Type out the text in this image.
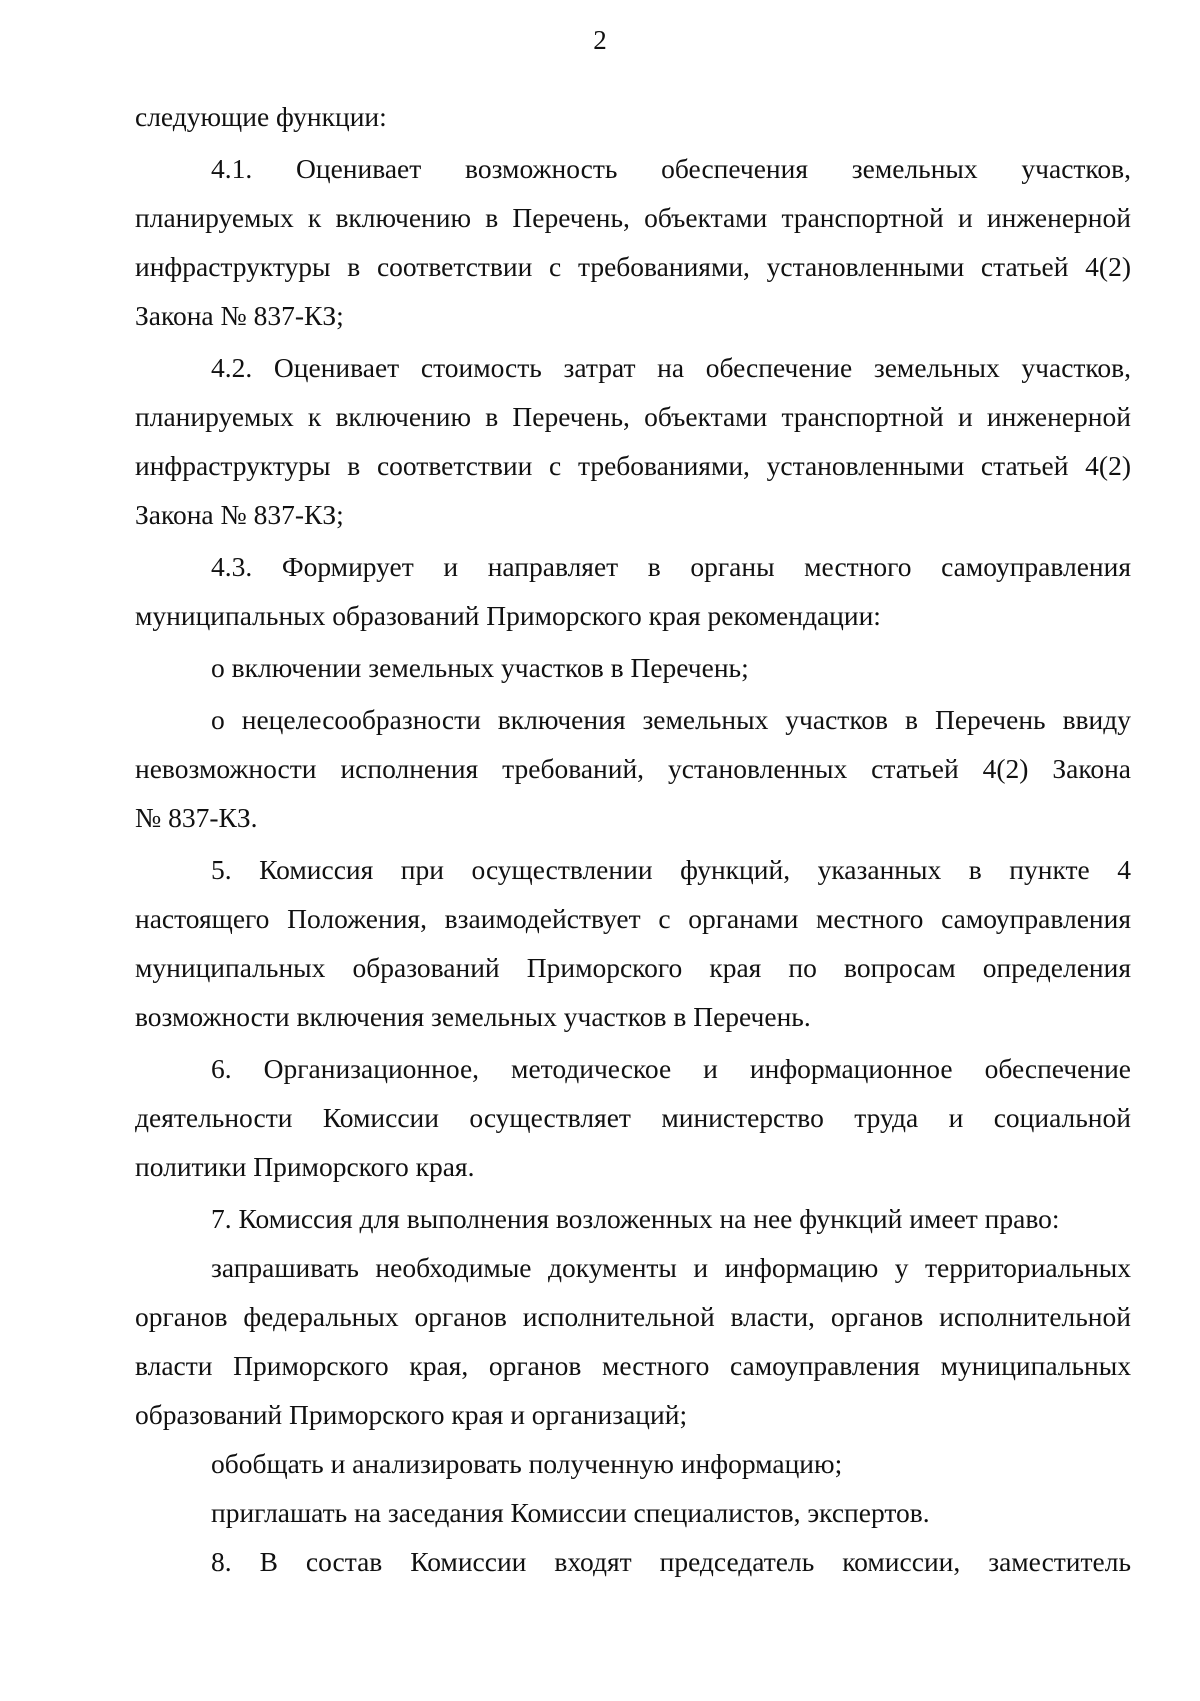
2
следующие функции:
4.1. Оценивает возможность обеспечения земельных участков,
планируемых к включению в Перечень, объектами транспортной и инженерной
инфраструктуры в соответствии с требованиями, установленными статьей 4(2)
Закона № 837-КЗ;
4.2. Оценивает стоимость затрат на обеспечение земельных участков,
планируемых к включению в Перечень, объектами транспортной и инженерной
инфраструктуры в соответствии с требованиями, установленными статьей 4(2)
Закона № 837-КЗ;
4.3. Формирует и направляет в органы местного самоуправления
муниципальных образований Приморского края рекомендации:
о включении земельных участков в Перечень;
о нецелесообразности включения земельных участков в Перечень ввиду
невозможности исполнения требований, установленных статьей 4(2) Закона
№ 837-КЗ.
5. Комиссия при осуществлении функций, указанных в пункте 4
настоящего Положения, взаимодействует с органами местного самоуправления
муниципальных образований Приморского края по вопросам определения
возможности включения земельных участков в Перечень.
6. Организационное, методическое и информационное обеспечение
деятельности Комиссии осуществляет министерство труда и социальной
политики Приморского края.
7. Комиссия для выполнения возложенных на нее функций имеет право:
запрашивать необходимые документы и информацию у территориальных
органов федеральных органов исполнительной власти, органов исполнительной
власти Приморского края, органов местного самоуправления муниципальных
образований Приморского края и организаций;
обобщать и анализировать полученную информацию;
приглашать на заседания Комиссии специалистов, экспертов.
8. В состав Комиссии входят председатель комиссии, заместитель
